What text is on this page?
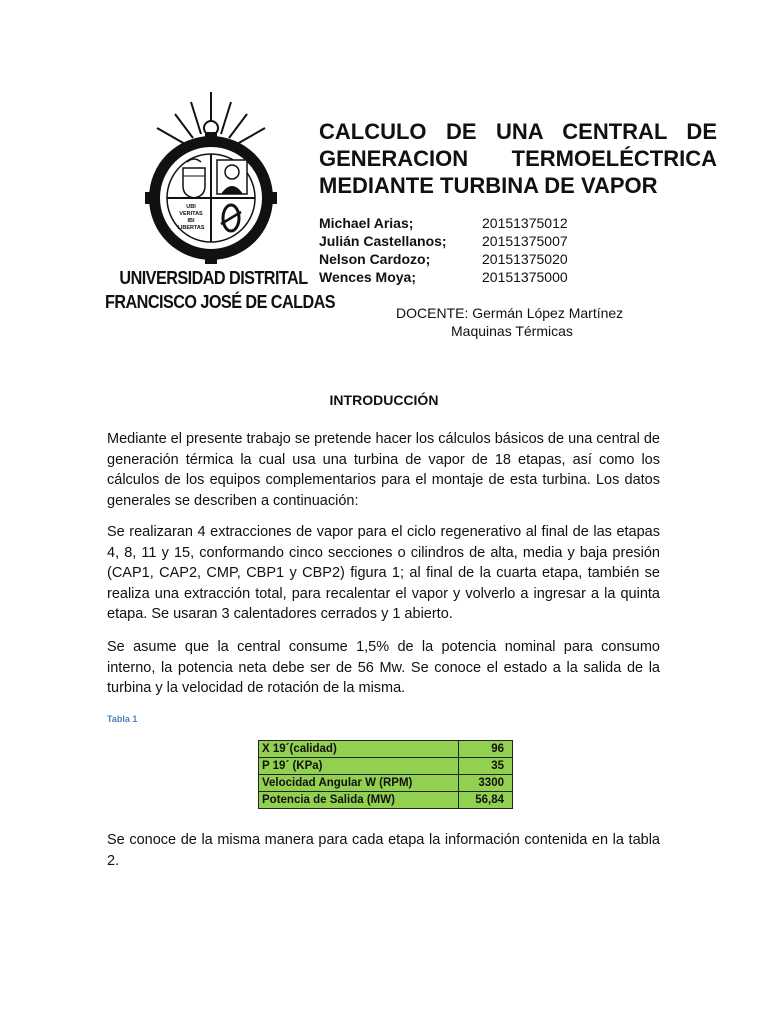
UBI
VERITAS
IBI
LIBERTAS
UNIVERSIDAD DISTRITAL
FRANCISCO JOSÉ DE CALDAS
CALCULO DE UNA CENTRAL DE
GENERACION TERMOELÉCTRICA
MEDIANTE TURBINA DE VAPOR
Michael Arias;	20151375012
Julián Castellanos;	20151375007
Nelson Cardozo;	20151375020
Wences Moya;	20151375000
DOCENTE: Germán López Martínez
Maquinas Térmicas
INTRODUCCIÓN

Mediante el presente trabajo se pretende hacer los cálculos básicos de una central de generación térmica la cual usa una turbina de vapor de 18 etapas, así como los cálculos de los equipos complementarios para el montaje de esta turbina. Los datos generales se describen a continuación:

Se realizaran 4 extracciones de vapor para el ciclo regenerativo al final de las etapas 4, 8, 11 y 15, conformando cinco secciones o cilindros de alta, media y baja presión (CAP1, CAP2, CMP, CBP1 y CBP2) figura 1; al final de la cuarta etapa, también se realiza una extracción total, para recalentar el vapor y volverlo a ingresar a la quinta etapa. Se usaran 3 calentadores cerrados y 1 abierto.

Se asume que la central consume 1,5% de la potencia nominal para consumo interno, la potencia neta debe ser de 56 Mw. Se conoce el estado a la salida de la turbina y la velocidad de rotación de la misma.

Tabla 1
X 19´(calidad)	96
P 19´ (KPa)	35
Velocidad Angular W (RPM)	3300
Potencia de Salida (MW)	56,84

Se conoce de la misma manera para cada etapa la información contenida en la tabla 2.
